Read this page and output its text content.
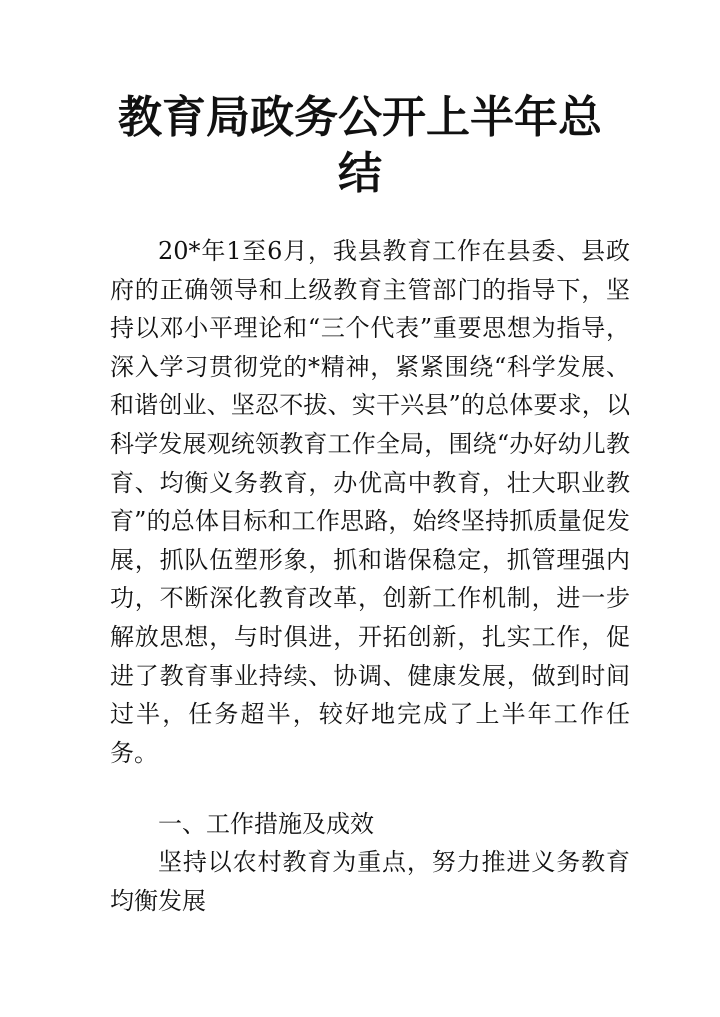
教育局政务公开上半年总结

20*年1至6月，我县教育工作在县委、县政府的正确领导和上级教育主管部门的指导下，坚持以邓小平理论和“三个代表”重要思想为指导，深入学习贯彻党的*精神，紧紧围绕“科学发展、和谐创业、坚忍不拔、实干兴县”的总体要求，以科学发展观统领教育工作全局，围绕“办好幼儿教育、均衡义务教育，办优高中教育，壮大职业教育”的总体目标和工作思路，始终坚持抓质量促发展，抓队伍塑形象，抓和谐保稳定，抓管理强内功，不断深化教育改革，创新工作机制，进一步解放思想，与时俱进，开拓创新，扎实工作，促进了教育事业持续、协调、健康发展，做到时间过半，任务超半，较好地完成了上半年工作任务。

一、工作措施及成效

坚持以农村教育为重点，努力推进义务教育均衡发展
